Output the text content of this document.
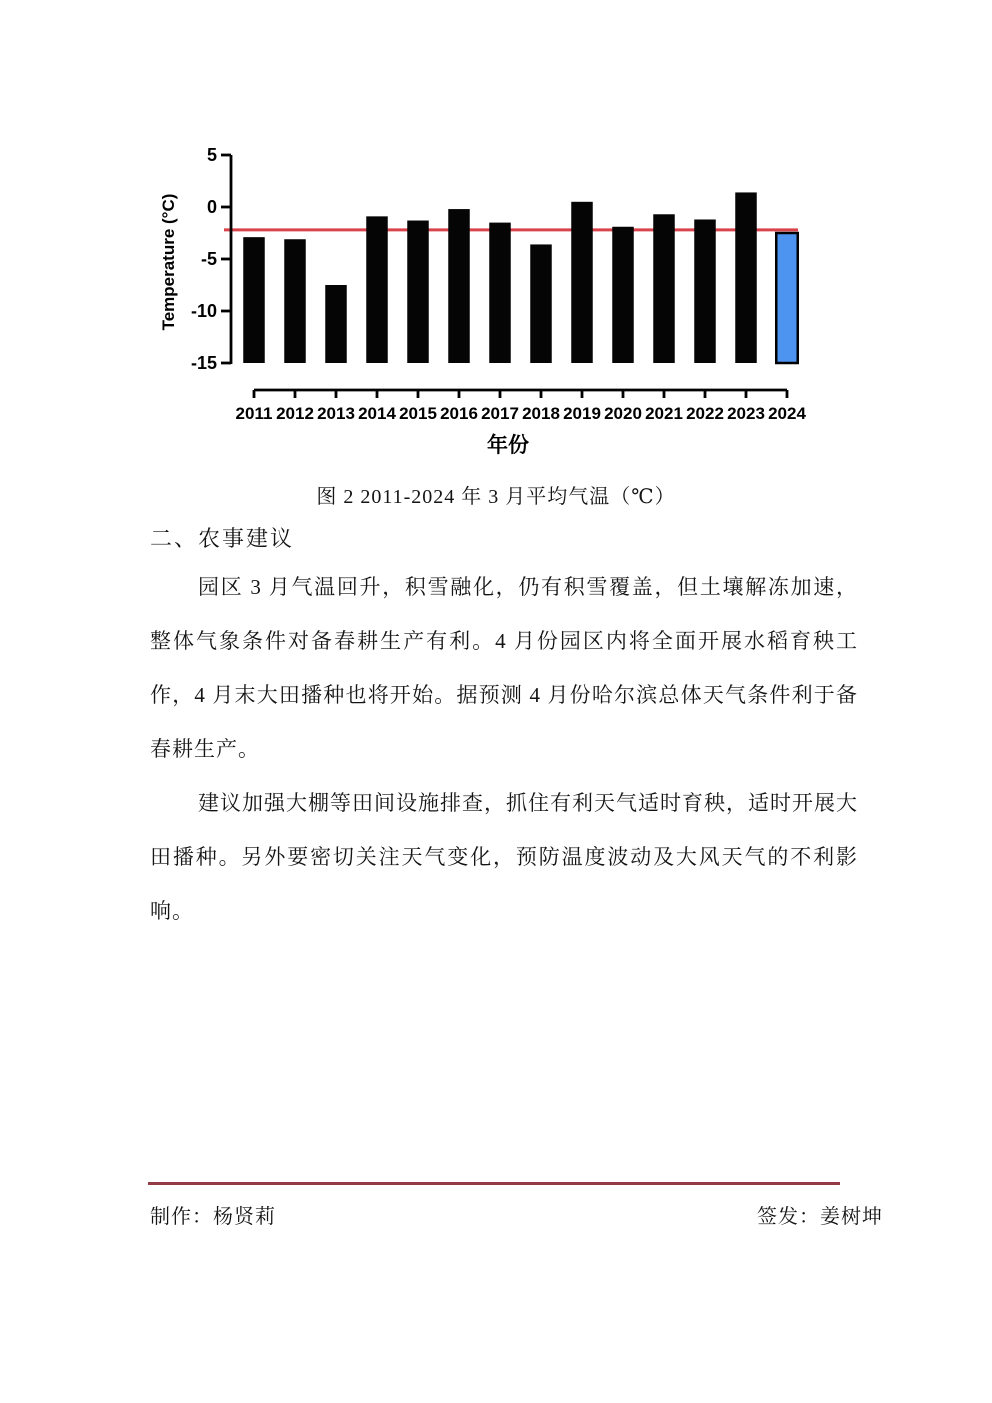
5
0
-5
-10
-15
Temperature (°C)
2011 2012 2013 2014 2015 2016 2017 2018 2019 2020 2021 2022 2023 2024
年份
图 2 2011-2024 年 3 月平均气温（℃）
二、农事建议

园区 3 月气温回升，积雪融化，仍有积雪覆盖，但土壤解冻加速，整体气象条件对备春耕生产有利。4 月份园区内将全面开展水稻育秧工作，4 月末大田播种也将开始。据预测 4 月份哈尔滨总体天气条件利于备春耕生产。

建议加强大棚等田间设施排查，抓住有利天气适时育秧，适时开展大田播种。另外要密切关注天气变化，预防温度波动及大风天气的不利影响。

制作：杨贤莉	签发：姜树坤
